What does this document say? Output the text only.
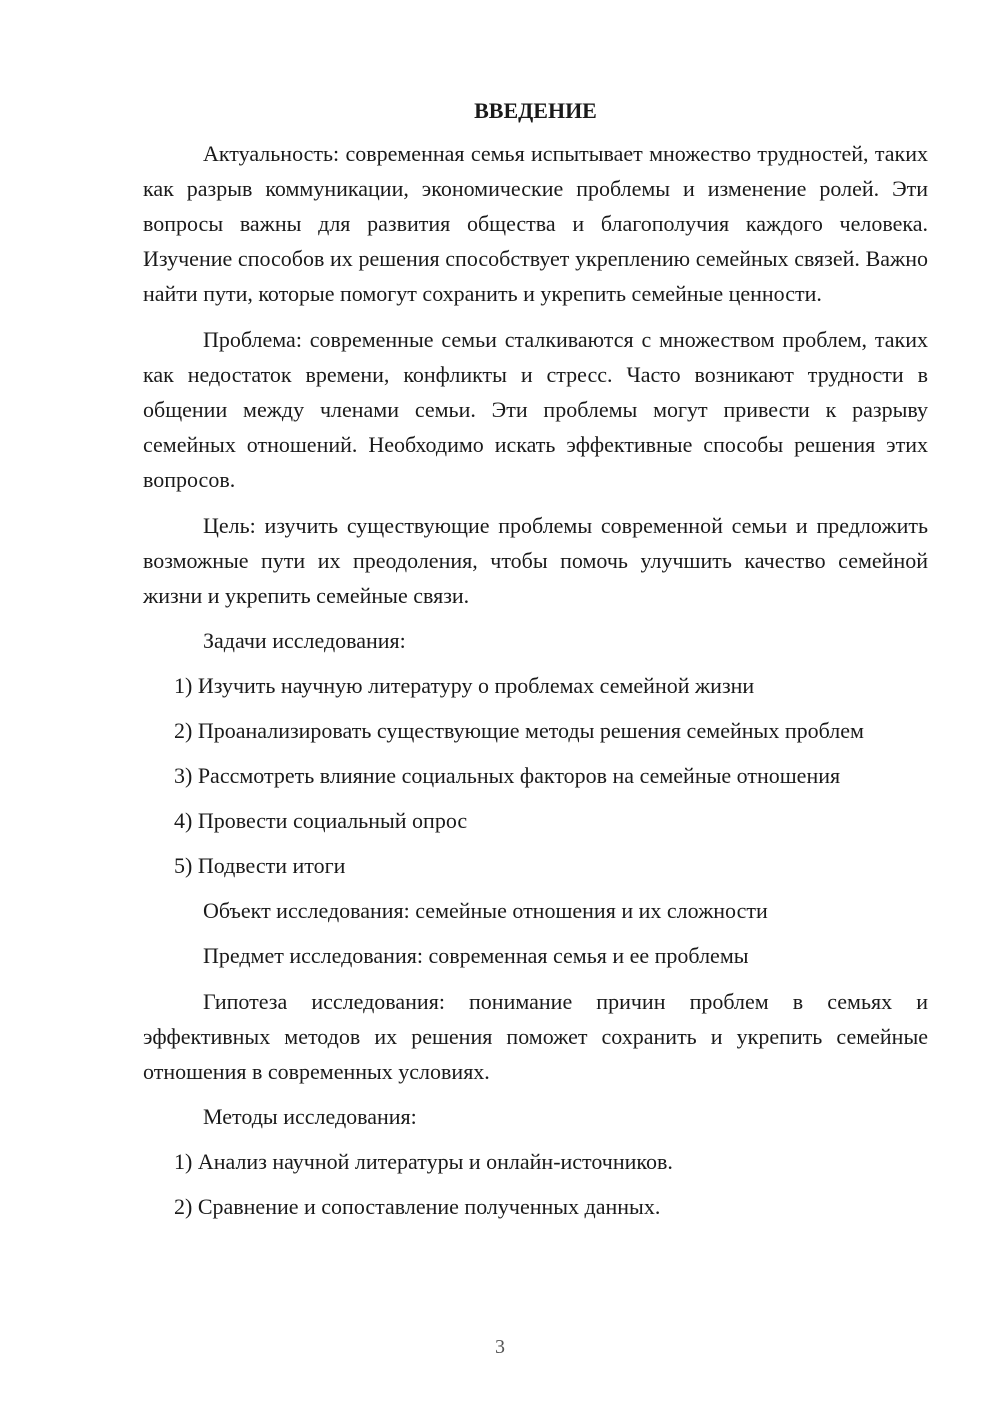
ВВЕДЕНИЕ

Актуальность: современная семья испытывает множество трудностей, таких как разрыв коммуникации, экономические проблемы и изменение ролей. Эти вопросы важны для развития общества и благополучия каждого человека. Изучение способов их решения способствует укреплению семейных связей. Важно найти пути, которые помогут сохранить и укрепить семейные ценности.

Проблема: современные семьи сталкиваются с множеством проблем, таких как недостаток времени, конфликты и стресс. Часто возникают трудности в общении между членами семьи. Эти проблемы могут привести к разрыву семейных отношений. Необходимо искать эффективные способы решения этих вопросов.

Цель: изучить существующие проблемы современной семьи и предложить возможные пути их преодоления, чтобы помочь улучшить качество семейной жизни и укрепить семейные связи.

Задачи исследования:

1) Изучить научную литературу о проблемах семейной жизни

2) Проанализировать существующие методы решения семейных проблем

3) Рассмотреть влияние социальных факторов на семейные отношения

4) Провести социальный опрос

5) Подвести итоги

Объект исследования: семейные отношения и их сложности

Предмет исследования: современная семья и ее проблемы

Гипотеза исследования: понимание причин проблем в семьях и эффективных методов их решения поможет сохранить и укрепить семейные отношения в современных условиях.

Методы исследования:

1) Анализ научной литературы и онлайн-источников.

2) Сравнение и сопоставление полученных данных.

3
